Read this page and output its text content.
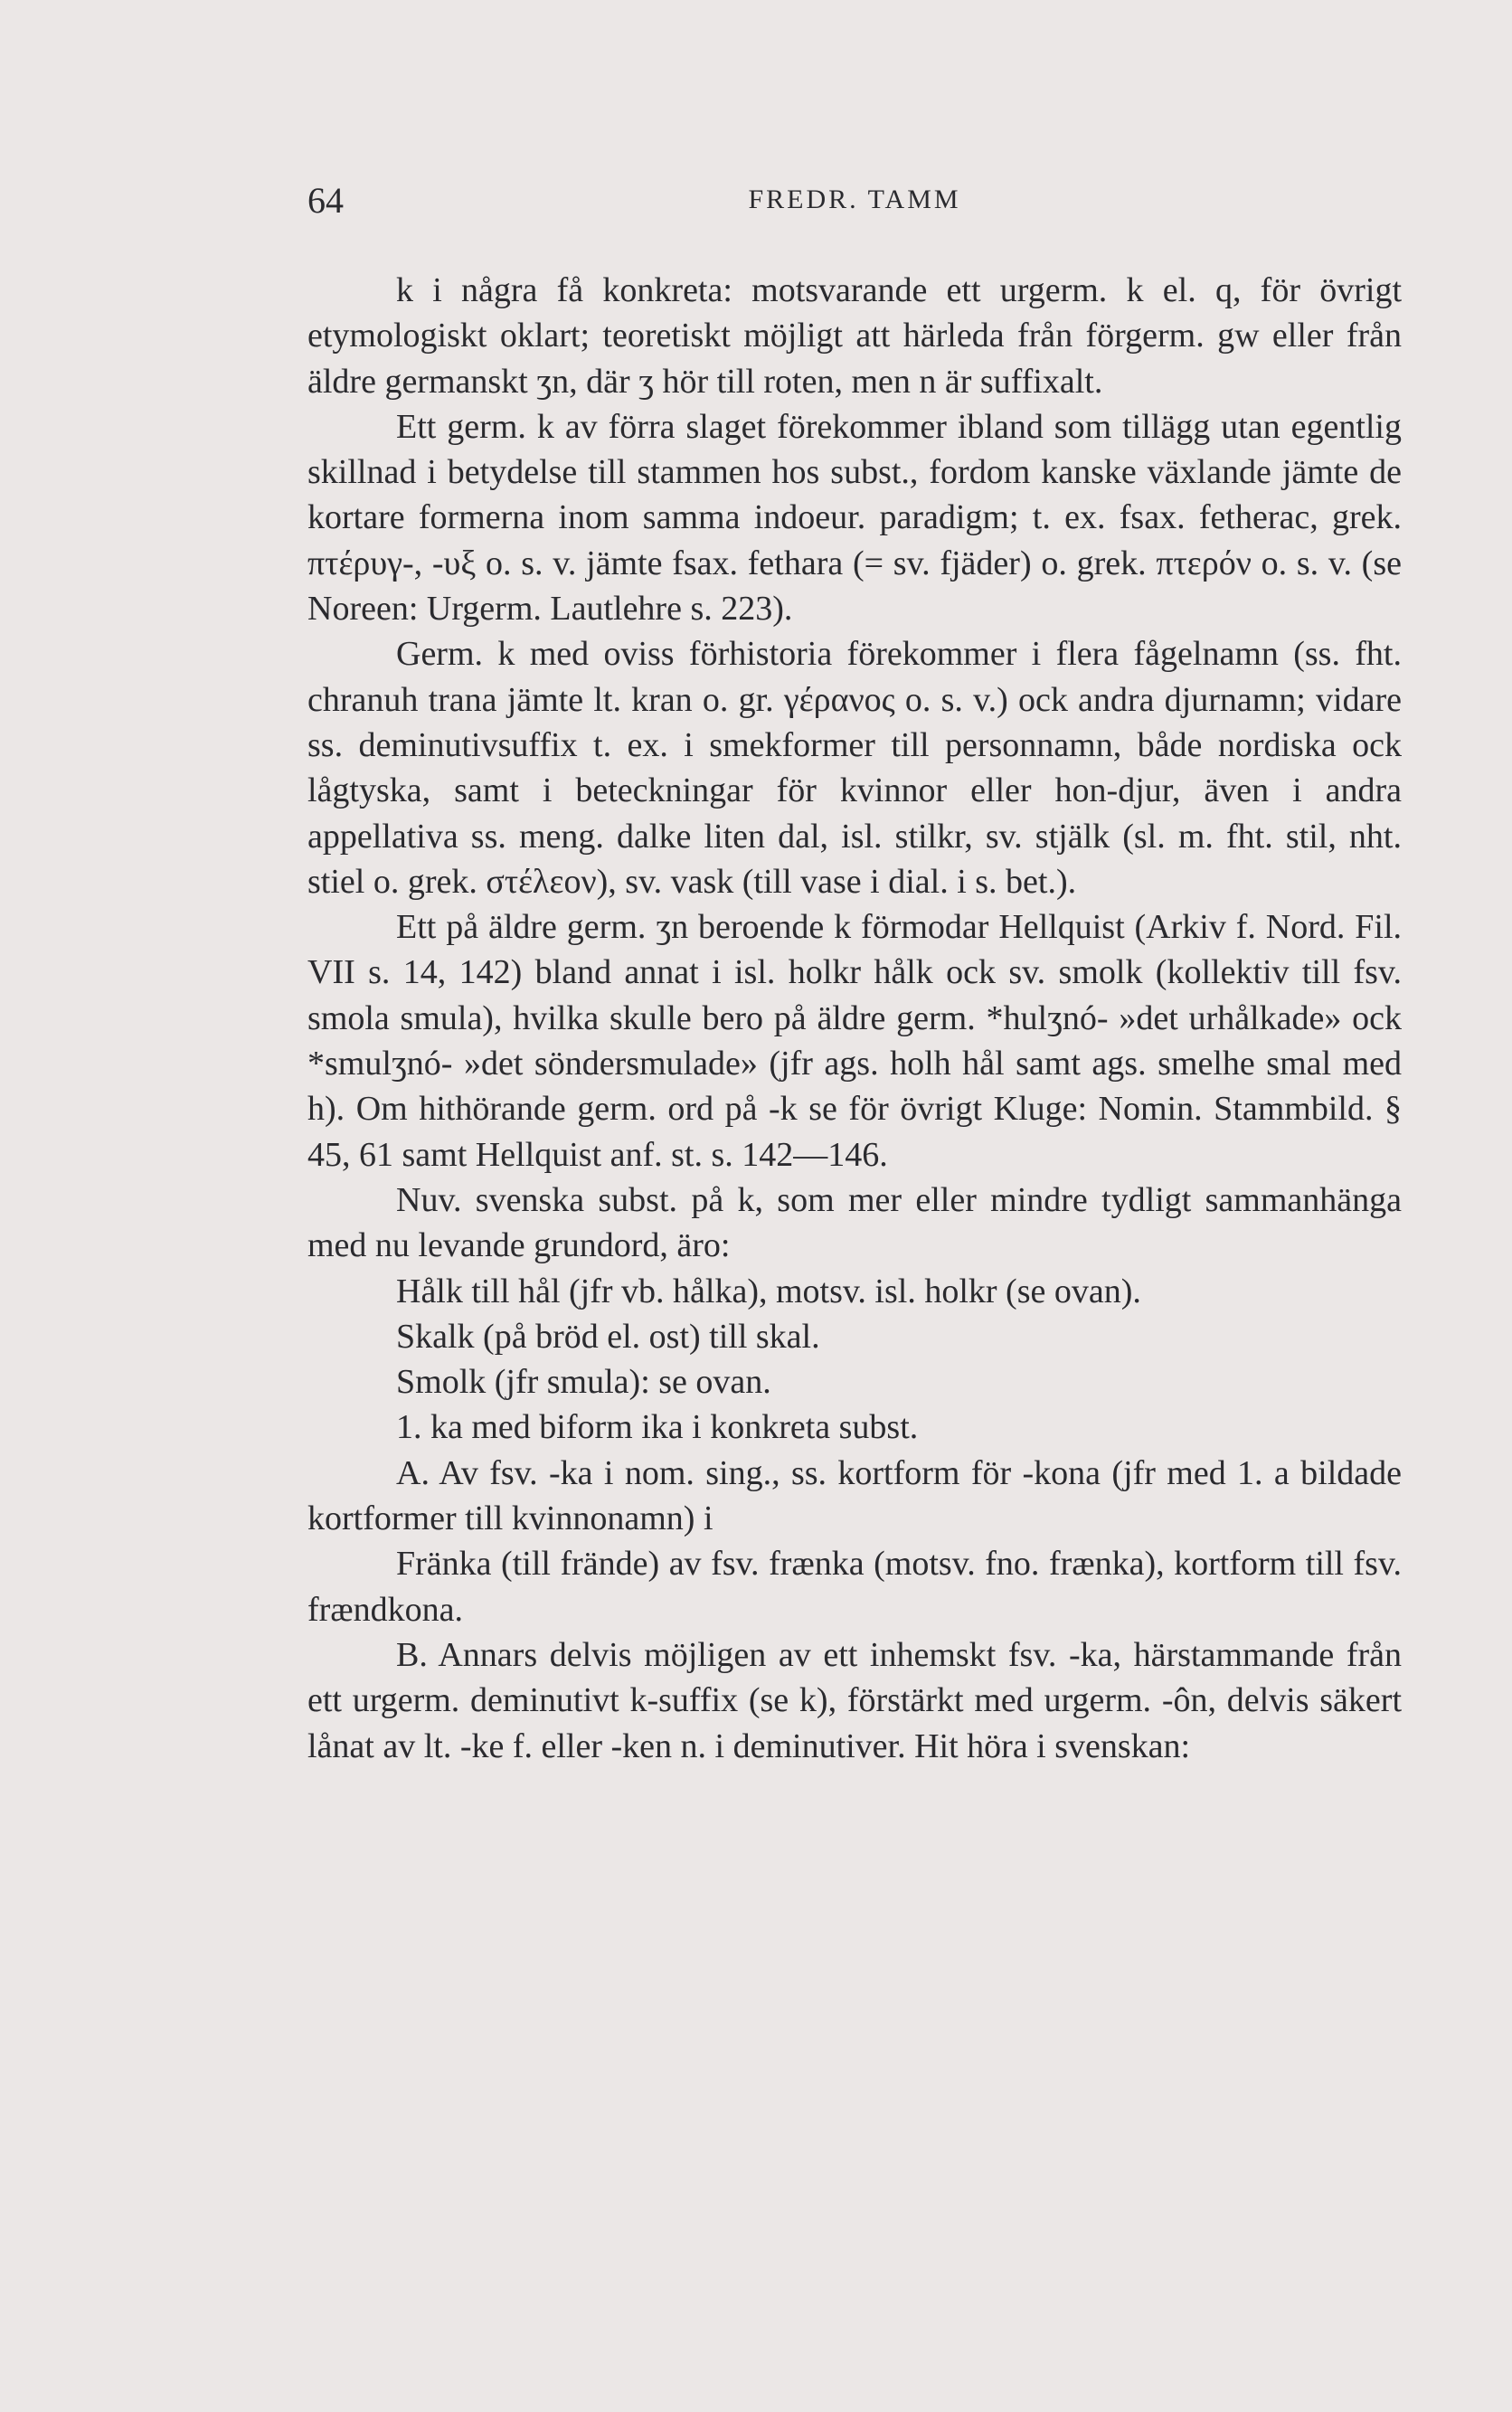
64	FREDR. TAMM

k i några få konkreta: motsvarande ett urgerm. k el. q, för övrigt etymologiskt oklart; teoretiskt möjligt att härleda från förgerm. gw eller från äldre germanskt ʒn, där ʒ hör till roten, men n är suffixalt.

Ett germ. k av förra slaget förekommer ibland som tillägg utan egentlig skillnad i betydelse till stammen hos subst., fordom kanske växlande jämte de kortare formerna inom samma indoeur. paradigm; t. ex. fsax. fetherac, grek. πτέρυγ-, -υξ o. s. v. jämte fsax. fethara (= sv. fjäder) o. grek. πτερόν o. s. v. (se Noreen: Urgerm. Lautlehre s. 223).

Germ. k med oviss förhistoria förekommer i flera fågelnamn (ss. fht. chranuh trana jämte lt. kran o. gr. γέρανος o. s. v.) ock andra djurnamn; vidare ss. deminutivsuffix t. ex. i smekformer till personnamn, både nordiska ock lågtyska, samt i beteckningar för kvinnor eller hon-djur, även i andra appellativa ss. meng. dalke liten dal, isl. stilkr, sv. stjälk (sl. m. fht. stil, nht. stiel o. grek. στέλεον), sv. vask (till vase i dial. i s. bet.).

Ett på äldre germ. ʒn beroende k förmodar Hellquist (Arkiv f. Nord. Fil. VII s. 14, 142) bland annat i isl. holkr hålk ock sv. smolk (kollektiv till fsv. smola smula), hvilka skulle bero på äldre germ. *hulʒnó- »det urhålkade» ock *smulʒnó- »det söndersmulade» (jfr ags. holh hål samt ags. smelhe smal med h). Om hithörande germ. ord på -k se för övrigt Kluge: Nomin. Stammbild. § 45, 61 samt Hellquist anf. st. s. 142—146.

Nuv. svenska subst. på k, som mer eller mindre tydligt sammanhänga med nu levande grundord, äro:

Hålk till hål (jfr vb. hålka), motsv. isl. holkr (se ovan).

Skalk (på bröd el. ost) till skal.

Smolk (jfr smula): se ovan.

1. ka med biform ika i konkreta subst.

A. Av fsv. -ka i nom. sing., ss. kortform för -kona (jfr med 1. a bildade kortformer till kvinnonamn) i

Fränka (till frände) av fsv. frænka (motsv. fno. frænka), kortform till fsv. frændkona.

B. Annars delvis möjligen av ett inhemskt fsv. -ka, härstammande från ett urgerm. deminutivt k-suffix (se k), förstärkt med urgerm. -ôn, delvis säkert lånat av lt. -ke f. eller -ken n. i deminutiver. Hit höra i svenskan:
